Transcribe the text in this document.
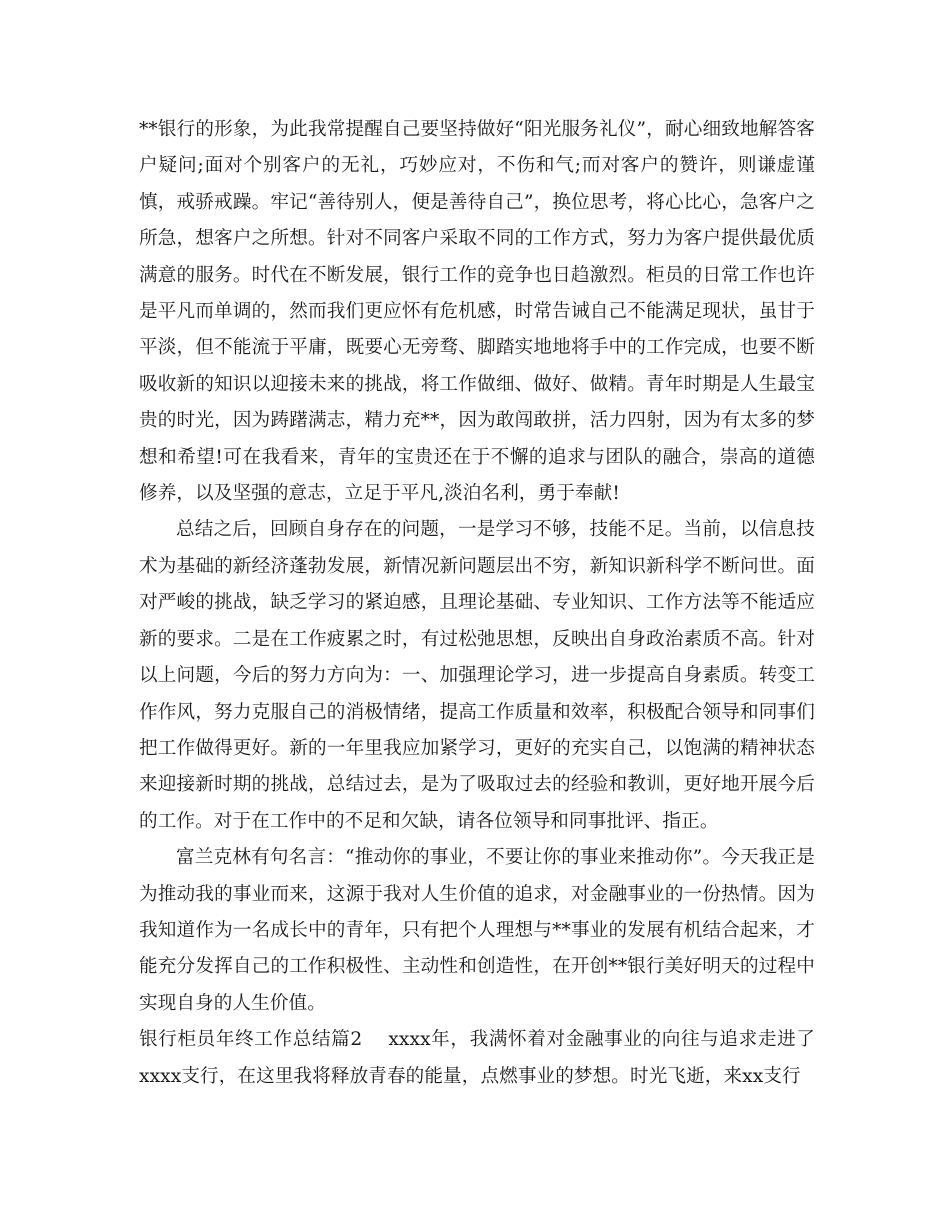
**银行的形象，为此我常提醒自己要坚持做好“阳光服务礼仪”，耐心细致地解答客户疑问;面对个别客户的无礼，巧妙应对，不伤和气;而对客户的赞许，则谦虚谨慎，戒骄戒躁。牢记“善待别人，便是善待自己”，换位思考，将心比心，急客户之所急，想客户之所想。针对不同客户采取不同的工作方式，努力为客户提供最优质满意的服务。时代在不断发展，银行工作的竞争也日趋激烈。柜员的日常工作也许是平凡而单调的，然而我们更应怀有危机感，时常告诫自己不能满足现状，虽甘于平淡，但不能流于平庸，既要心无旁骛、脚踏实地地将手中的工作完成，也要不断吸收新的知识以迎接未来的挑战，将工作做细、做好、做精。青年时期是人生最宝贵的时光，因为踌躇满志，精力充**，因为敢闯敢拼，活力四射，因为有太多的梦想和希望!可在我看来，青年的宝贵还在于不懈的追求与团队的融合，崇高的道德修养，以及坚强的意志，立足于平凡,淡泊名利，勇于奉献!

总结之后，回顾自身存在的问题，一是学习不够，技能不足。当前，以信息技术为基础的新经济蓬勃发展，新情况新问题层出不穷，新知识新科学不断问世。面对严峻的挑战，缺乏学习的紧迫感，且理论基础、专业知识、工作方法等不能适应新的要求。二是在工作疲累之时，有过松弛思想，反映出自身政治素质不高。针对以上问题，今后的努力方向为：一、加强理论学习，进一步提高自身素质。转变工作作风，努力克服自己的消极情绪，提高工作质量和效率，积极配合领导和同事们把工作做得更好。新的一年里我应加紧学习，更好的充实自己，以饱满的精神状态来迎接新时期的挑战，总结过去，是为了吸取过去的经验和教训，更好地开展今后的工作。对于在工作中的不足和欠缺，请各位领导和同事批评、指正。

富兰克林有句名言：“推动你的事业，不要让你的事业来推动你”。今天我正是为推动我的事业而来，这源于我对人生价值的追求，对金融事业的一份热情。因为我知道作为一名成长中的青年，只有把个人理想与**事业的发展有机结合起来，才能充分发挥自己的工作积极性、主动性和创造性，在开创**银行美好明天的过程中实现自身的人生价值。

银行柜员年终工作总结篇2 xxxx年，我满怀着对金融事业的向往与追求走进了xxxx支行，在这里我将释放青春的能量，点燃事业的梦想。时光飞逝，来xx支行
